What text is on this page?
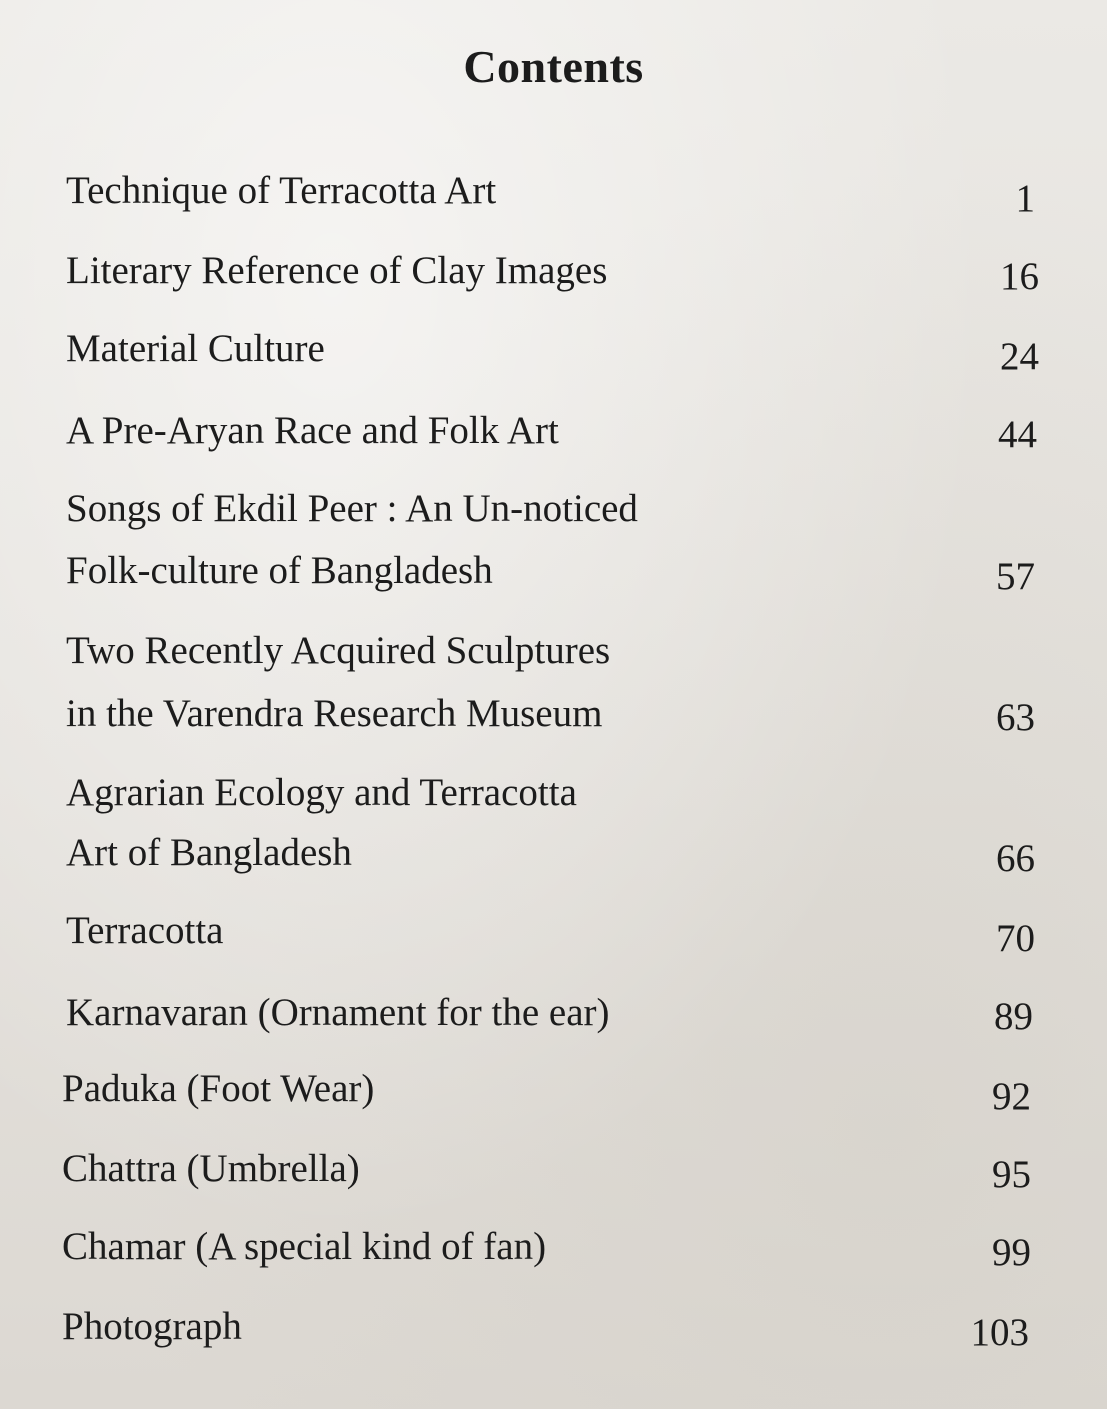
Contents
Technique of Terracotta Art	1
Literary Reference of Clay Images	16
Material Culture	24
A Pre-Aryan Race and Folk Art	44
Songs of Ekdil Peer : An Un-noticed
Folk-culture of Bangladesh	57
Two Recently Acquired Sculptures
in the Varendra Research Museum	63
Agrarian Ecology and Terracotta
Art of Bangladesh	66
Terracotta	70
Karnavaran (Ornament for the ear)	89
Paduka (Foot Wear)	92
Chattra (Umbrella)	95
Chamar (A special kind of fan)	99
Photograph	103
